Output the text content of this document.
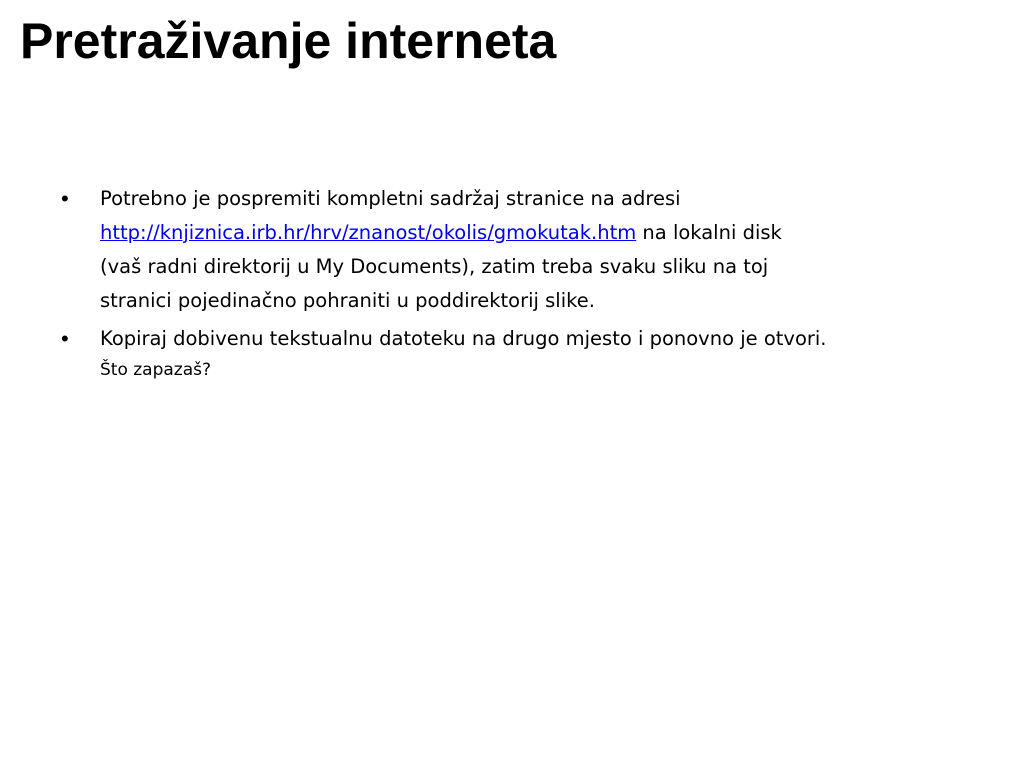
Pretraživanje interneta
• Potrebno je pospremiti kompletni sadržaj stranice na adresi
http://knjiznica.irb.hr/hrv/znanost/okolis/gmokutak.htm na lokalni disk
(vaš radni direktorij u My Documents), zatim treba svaku sliku na toj
stranici pojedinačno pohraniti u poddirektorij slike.
• Kopiraj dobivenu tekstualnu datoteku na drugo mjesto i ponovno je otvori.
Što zapazaš?
